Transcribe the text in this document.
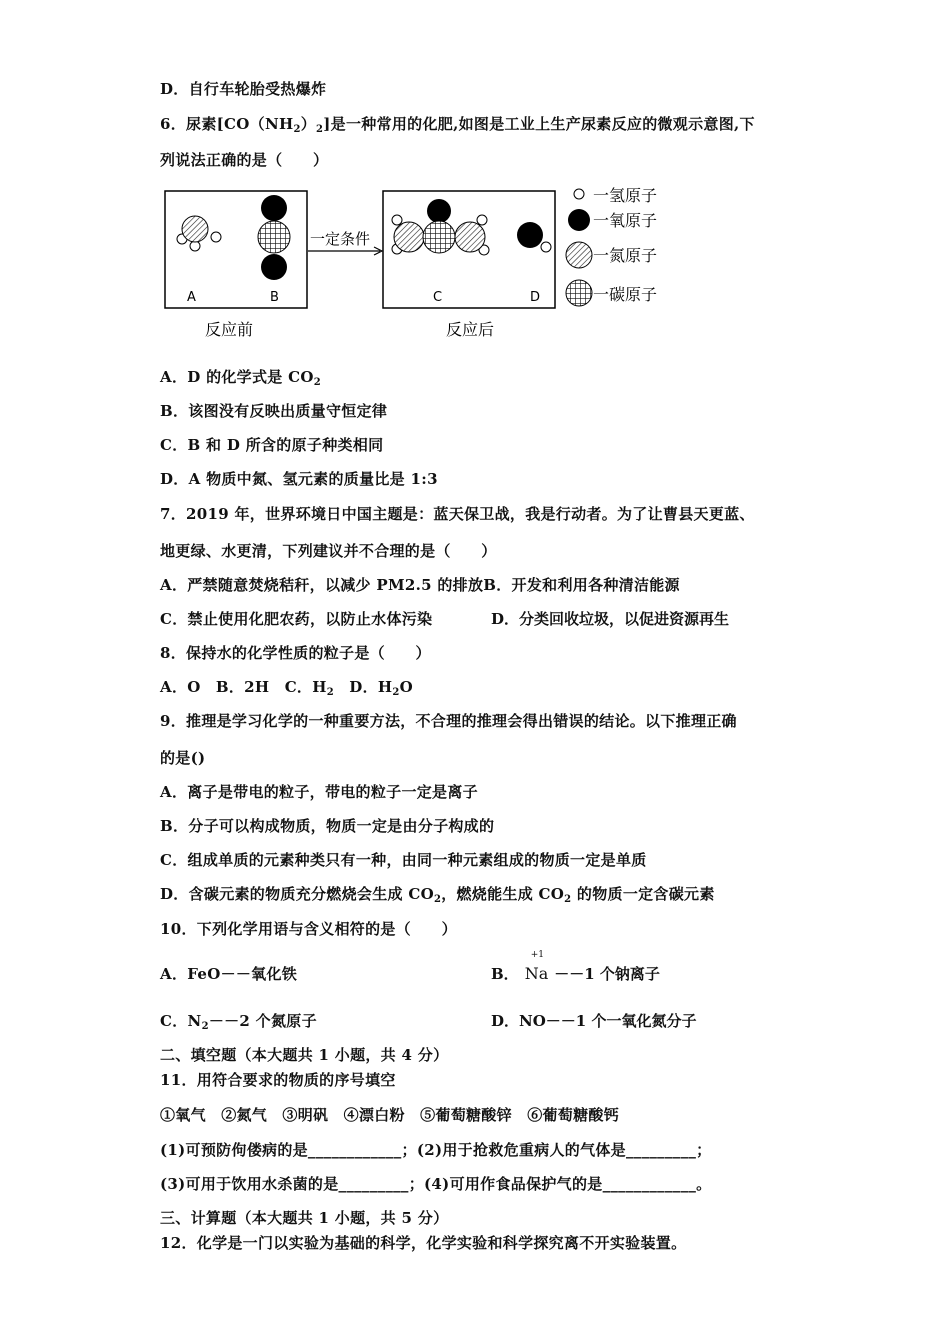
D．自行车轮胎受热爆炸
6．尿素$[CO(NH_2)_2]$是一种常用的化肥,如图是工业上生产尿素反应的微观示意图,下
列说法正确的是（　　）
A	B
一定条件
C	D
一氢原子
一氧原子
一氮原子
一碳原子
反应前	反应后
A．D 的化学式是 $CO_2$
B．该图没有反映出质量守恒定律
C．B 和 D 所含的原子种类相同
D．A 物质中氮、氢元素的质量比是 1:3
7．2019 年，世界环境日中国主题是：蓝天保卫战，我是行动者。为了让曹县天更蓝、
地更绿、水更清，下列建议并不合理的是（　　）
A．严禁随意焚烧秸秆，以减少 PM2.5 的排放B．开发和利用各种清洁能源
C．禁止使用化肥农药，以防止水体污染	D．分类回收垃圾，以促进资源再生
8．保持水的化学性质的粒子是（　　）
A．O　B．2H　C．$H_2$　D．$H_2O$
9．推理是学习化学的一种重要方法，不合理的推理会得出错误的结论。以下推理正确
的是()
A．离子是带电的粒子，带电的粒子一定是离子
B．分子可以构成物质，物质一定是由分子构成的
C．组成单质的元素种类只有一种，由同一种元素组成的物质一定是单质
D．含碳元素的物质充分燃烧会生成 $CO_2$，燃烧能生成 $CO_2$ 的物质一定含碳元素
10．下列化学用语与含义相符的是（　　）
A．FeO－－氧化铁	B．
+1
Na －－1 个钠离子
C．$N_2--2$ 个氮原子	D．NO－－1 个一氧化氮分子
二、填空题（本大题共 1 小题，共 4 分）
11．用符合要求的物质的序号填空
①氧气　②氮气　③明矾　④漂白粉　⑤葡萄糖酸锌　⑥葡萄糖酸钙
(1)可预防佝偻病的是____________；(2)用于抢救危重病人的气体是_________；
(3)可用于饮用水杀菌的是_________；(4)可用作食品保护气的是____________。
三、计算题（本大题共 1 小题，共 5 分）
12．化学是一门以实验为基础的科学，化学实验和科学探究离不开实验装置。
